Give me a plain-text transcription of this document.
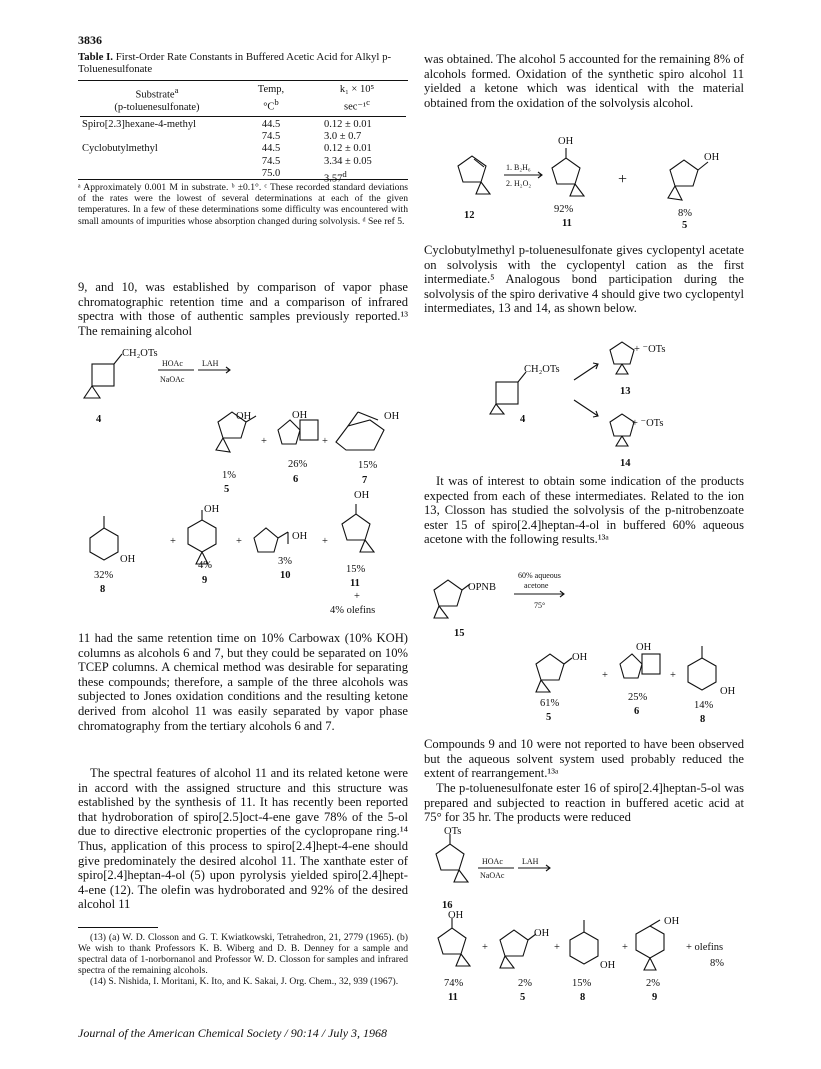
3836
Table I. First-Order Rate Constants in Buffered Acetic Acid for Alkyl p-Toluenesulfonate
Substrate$^a$
(p-toluenesulfonate)	Temp,
$^\circ C^b$	k₁ × 10⁵
sec⁻¹$^c$

Spiro[2.3]hexane-4-methyl	44.5	0.12 ± 0.01
	74.5	3.0 ± 0.7
Cyclobutylmethyl	44.5	0.12 ± 0.01
	74.5	3.34 ± 0.05
	75.0	3.57$^d$
ᵃ Approximately 0.001 M in substrate. ᵇ ±0.1°. ᶜ These recorded standard deviations of the rates were the lowest of several determinations at each of the given temperatures. In a few of these determinations some difficulty was encountered with small amounts of impurities whose absorption changed during solvolysis. ᵈ See ref 5.
9, and 10, was established by comparison of vapor phase chromatographic retention time and a comparison of infrared spectra with those of authentic samples previously reported.¹³ The remaining alcohol
CH₂OTs
4
HOAc
NaOAc
LAH
OH
1%
5
+
OH
26%
6
+
OH
15%
7
OH
32%
8
+
OH
4%
9
+	OH
3%
10
+
OH
15%
11
+
4% olefins
11 had the same retention time on 10% Carbowax (10% KOH) columns as alcohols 6 and 7, but they could be separated on 10% TCEP columns. A chemical method was desirable for separating these compounds; therefore, a sample of the three alcohols was subjected to Jones oxidation conditions and the resulting ketone derived from alcohol 11 was easily separated by vapor phase chromatography from the tertiary alcohols 6 and 7.
The spectral features of alcohol 11 and its related ketone were in accord with the assigned structure and this structure was established by the synthesis of 11. It has recently been reported that hydroboration of spiro[2.5]oct-4-ene gave 78% of the 5-ol due to directive electronic properties of the cyclopropane ring.¹⁴ Thus, application of this process to spiro[2.4]hept-4-ene should give predominately the desired alcohol 11. The xanthate ester of spiro[2.4]heptan-4-ol (5) upon pyrolysis yielded spiro[2.4]hept-4-ene (12). The olefin was hydroborated and 92% of the desired alcohol 11
(13) (a) W. D. Closson and G. T. Kwiatkowski, Tetrahedron, 21, 2779 (1965). (b) We wish to thank Professors K. B. Wiberg and D. B. Denney for a sample and spectral data of 1-norbornanol and Professor W. D. Closson for samples and infrared spectra of the remaining alcohols.
(14) S. Nishida, I. Moritani, K. Ito, and K. Sakai, J. Org. Chem., 32, 939 (1967).
Journal of the American Chemical Society / 90:14 / July 3, 1968
was obtained. The alcohol 5 accounted for the remaining 8% of alcohols formed. Oxidation of the synthetic spiro alcohol 11 yielded a ketone which was identical with the material obtained from the oxidation of the solvolysis alcohol.
12
1. B₂H₆
2. H₂O₂
OH
92%
11
+
OH
8%
5
Cyclobutylmethyl p-toluenesulfonate gives cyclopentyl acetate on solvolysis with the cyclopentyl cation as the first intermediate.⁵ Analogous bond participation during the solvolysis of the spiro derivative 4 should give two cyclopentyl intermediates, 13 and 14, as shown below.
CH₂OTs
4
+ ⁻OTs
13
+ ⁻OTs
14
It was of interest to obtain some indication of the products expected from each of these intermediates. Related to the ion 13, Closson has studied the solvolysis of the p-nitrobenzoate ester 15 of spiro[2.4]heptan-4-ol in buffered 60% aqueous acetone with the following results.¹³ᵃ
OPNB
15
60% aqueous
acetone
75°
OH
61%
5
+
OH
25%
6
+
OH
14%
8
Compounds 9 and 10 were not reported to have been observed but the aqueous solvent system used probably reduced the extent of rearrangement.¹³ᵃ
The p-toluenesulfonate ester 16 of spiro[2.4]heptan-5-ol was prepared and subjected to reaction in buffered acetic acid at 75° for 35 hr. The products were reduced
OTs
16
HOAc
NaOAc
LAH
OH
74%
11
+
OH
2%
5
+
OH
15%
8
+
OH
2%
9
+ olefins
8%
